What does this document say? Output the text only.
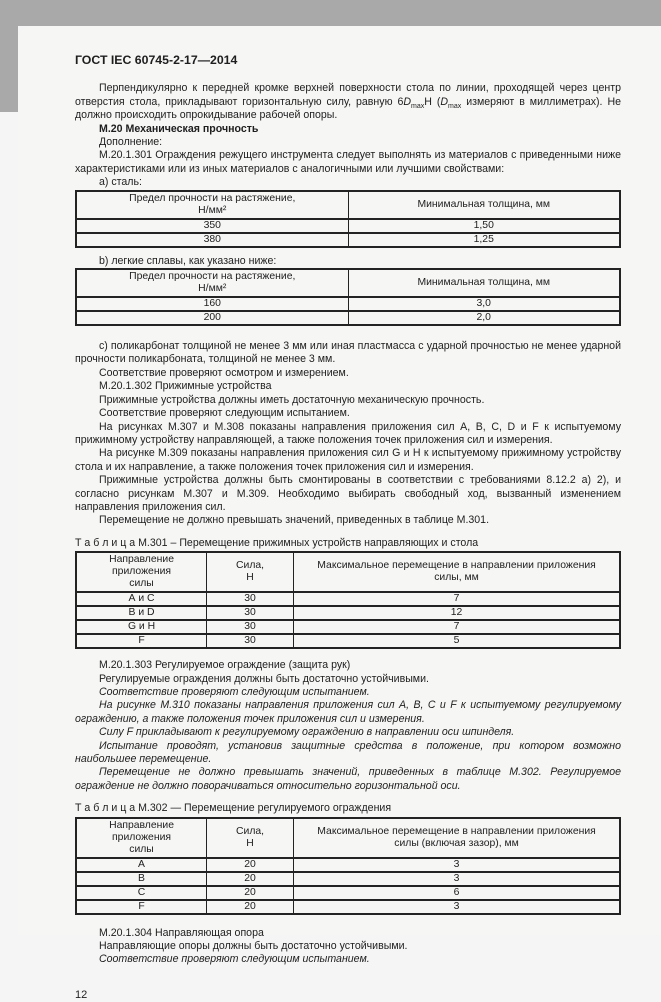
ГОСТ IEC 60745-2-17—2014

Перпендикулярно к передней кромке верхней поверхности стола по линии, проходящей через центр отверстия стола, прикладывают горизонтальную силу, равную $6D_{max}Н$ ($D_{max}$ измеряют в миллиметрах). Не должно происходить опрокидывание рабочей опоры.

М.20 Механическая прочность

Дополнение:

М.20.1.301 Ограждения режущего инструмента следует выполнять из материалов с приведенными ниже характеристиками или из иных материалов с аналогичными или лучшими свойствами:

а) сталь:

Предел прочности на растяжение,
Н/мм²	Минимальная толщина, мм

350	1,50
380	1,25

b) легкие сплавы, как указано ниже:

Предел прочности на растяжение,
Н/мм²	Минимальная толщина, мм

160	3,0
200	2,0

с) поликарбонат толщиной не менее 3 мм или иная пластмасса с ударной прочностью не менее ударной прочности поликарбоната, толщиной не менее 3 мм.

Соответствие проверяют осмотром и измерением.

М.20.1.302 Прижимные устройства

Прижимные устройства должны иметь достаточную механическую прочность.

Соответствие проверяют следующим испытанием.

На рисунках М.307 и М.308 показаны направления приложения сил А, В, С, D и F к испытуемому прижимному устройству направляющей, а также положения точек приложения сил и измерения.

На рисунке М.309 показаны направления приложения сил G и Н к испытуемому прижимному устройству стола и их направление, а также положения точек приложения сил и измерения.

Прижимные устройства должны быть смонтированы в соответствии с требованиями 8.12.2 а) 2), и согласно рисункам М.307 и М.309. Необходимо выбирать свободный ход, вызванный изменением направления приложения сил.

Перемещение не должно превышать значений, приведенных в таблице М.301.

Т а б л и ц а М.301 – Перемещение прижимных устройств направляющих и стола

Направление приложения
силы

Сила,
Н

Максимальное перемещение в направлении приложения
силы, мм

А и С	30	7
В и D	30	12
G и Н	30	7
F	30	5

М.20.1.303 Регулируемое ограждение (защита рук)

Регулируемые ограждения должны быть достаточно устойчивыми.

Соответствие проверяют следующим испытанием.

На рисунке М.310 показаны направления приложения сил А, В, С и F к испытуемому регулируемому ограждению, а также положения точек приложения сил и измерения.

Силу F прикладывают к регулируемому ограждению в направлении оси шпинделя.

Испытание проводят, установив защитные средства в положение, при котором возможно наибольшее перемещение.

Перемещение не должно превышать значений, приведенных в таблице М.302. Регулируемое ограждение не должно поворачиваться относительно горизонтальной оси.

Т а б л и ц а М.302 — Перемещение регулируемого ограждения

Направление приложения
силы

Сила,
Н

Максимальное перемещение в направлении приложения
силы (включая зазор), мм

А	20	3
В	20	3
С	20	6
F	20	3

М.20.1.304 Направляющая опора

Направляющие опоры должны быть достаточно устойчивыми.

Соответствие проверяют следующим испытанием.

12
